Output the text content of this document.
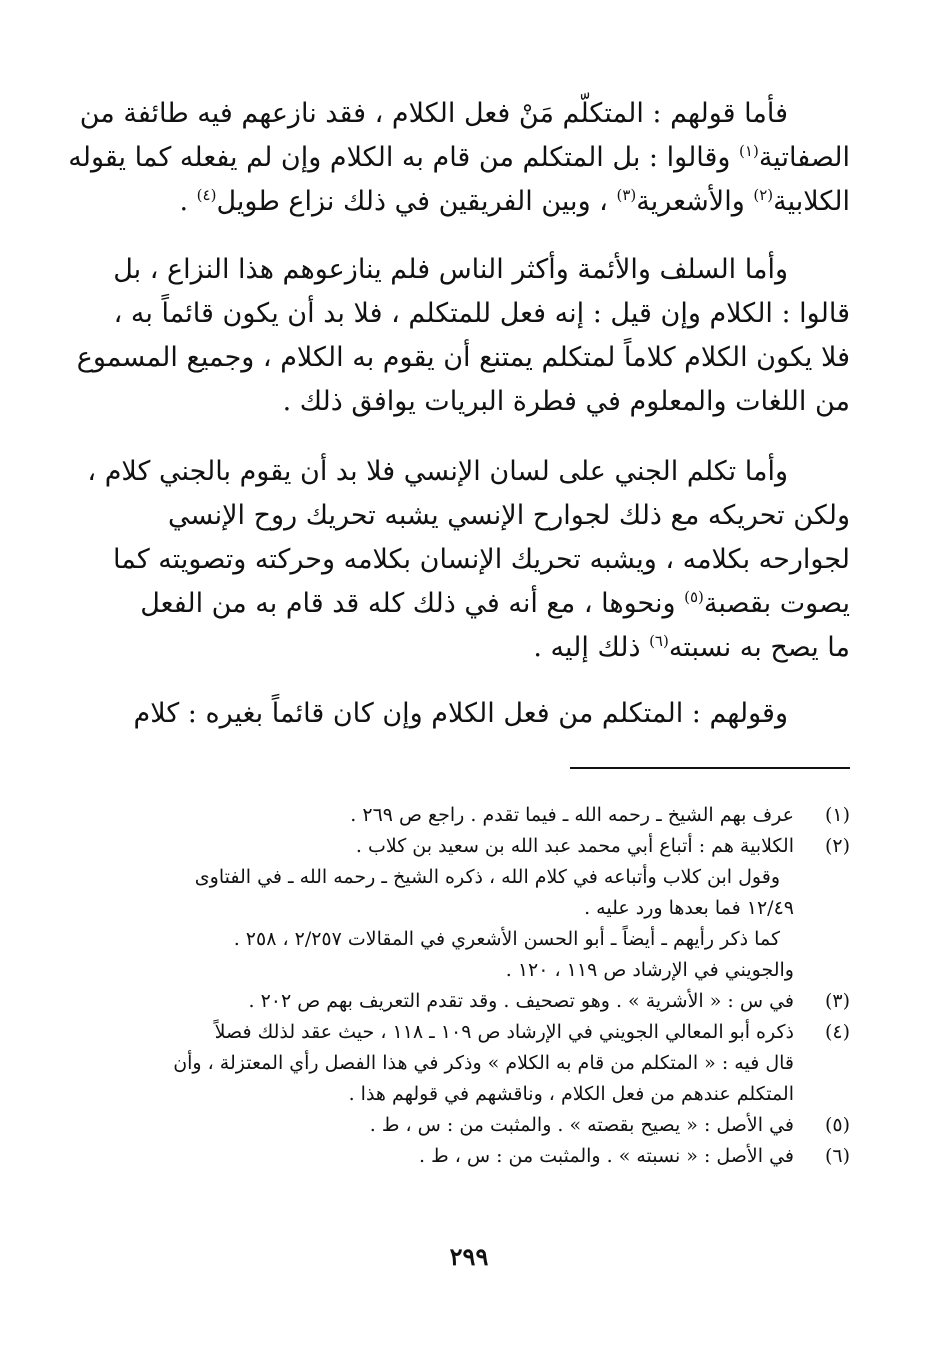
فأما قولهم : المتكلّم مَنْ فعل الكلام ، فقد نازعهم فيه طائفة من
الصفاتية$^{(١)}$ وقالوا : بل المتكلم من قام به الكلام وإن لم يفعله كما يقوله
الكلابية$^{(٢)}$ والأشعرية$^{(٣)}$ ، وبين الفريقين في ذلك نزاع طويل$^{(٤)}$ .

وأما السلف والأئمة وأكثر الناس فلم ينازعوهم هذا النزاع ، بل
قالوا : الكلام وإن قيل : إنه فعل للمتكلم ، فلا بد أن يكون قائماً به ،
فلا يكون الكلام كلاماً لمتكلم يمتنع أن يقوم به الكلام ، وجميع المسموع
من اللغات والمعلوم في فطرة البريات يوافق ذلك .

وأما تكلم الجني على لسان الإنسي فلا بد أن يقوم بالجني كلام ،
ولكن تحريكه مع ذلك لجوارح الإنسي يشبه تحريك روح الإنسي
لجوارحه بكلامه ، ويشبه تحريك الإنسان بكلامه وحركته وتصويته كما
يصوت بقصبة$^{(٥)}$ ونحوها ، مع أنه في ذلك كله قد قام به من الفعل
ما يصح به نسبته$^{(٦)}$ ذلك إليه .

وقولهم : المتكلم من فعل الكلام وإن كان قائماً بغيره : كلام

(١)
عرف بهم الشيخ ـ رحمه الله ـ فيما تقدم . راجع ص ٢٦٩ .
(٢)
الكلابية هم : أتباع أبي محمد عبد الله بن سعيد بن كلاب .
وقول ابن كلاب وأتباعه في كلام الله ، ذكره الشيخ ـ رحمه الله ـ في الفتاوى
١٢/٤٩ فما بعدها ورد عليه .
كما ذكر رأيهم ـ أيضاً ـ أبو الحسن الأشعري في المقالات ٢/٢٥٧ ، ٢٥٨ .
والجويني في الإرشاد ص ١١٩ ، ١٢٠ .
(٣)
في س : « الأشرية » . وهو تصحيف . وقد تقدم التعريف بهم ص ٢٠٢ .
(٤)
ذكره أبو المعالي الجويني في الإرشاد ص ١٠٩ ـ ١١٨ ، حيث عقد لذلك فصلاً
قال فيه : « المتكلم من قام به الكلام » وذكر في هذا الفصل رأي المعتزلة ، وأن
المتكلم عندهم من فعل الكلام ، وناقشهم في قولهم هذا .
(٥)
في الأصل : « يصيح بقصته » . والمثبت من : س ، ط .
(٦)
في الأصل : « نسبته » . والمثبت من : س ، ط .
٢٩٩
